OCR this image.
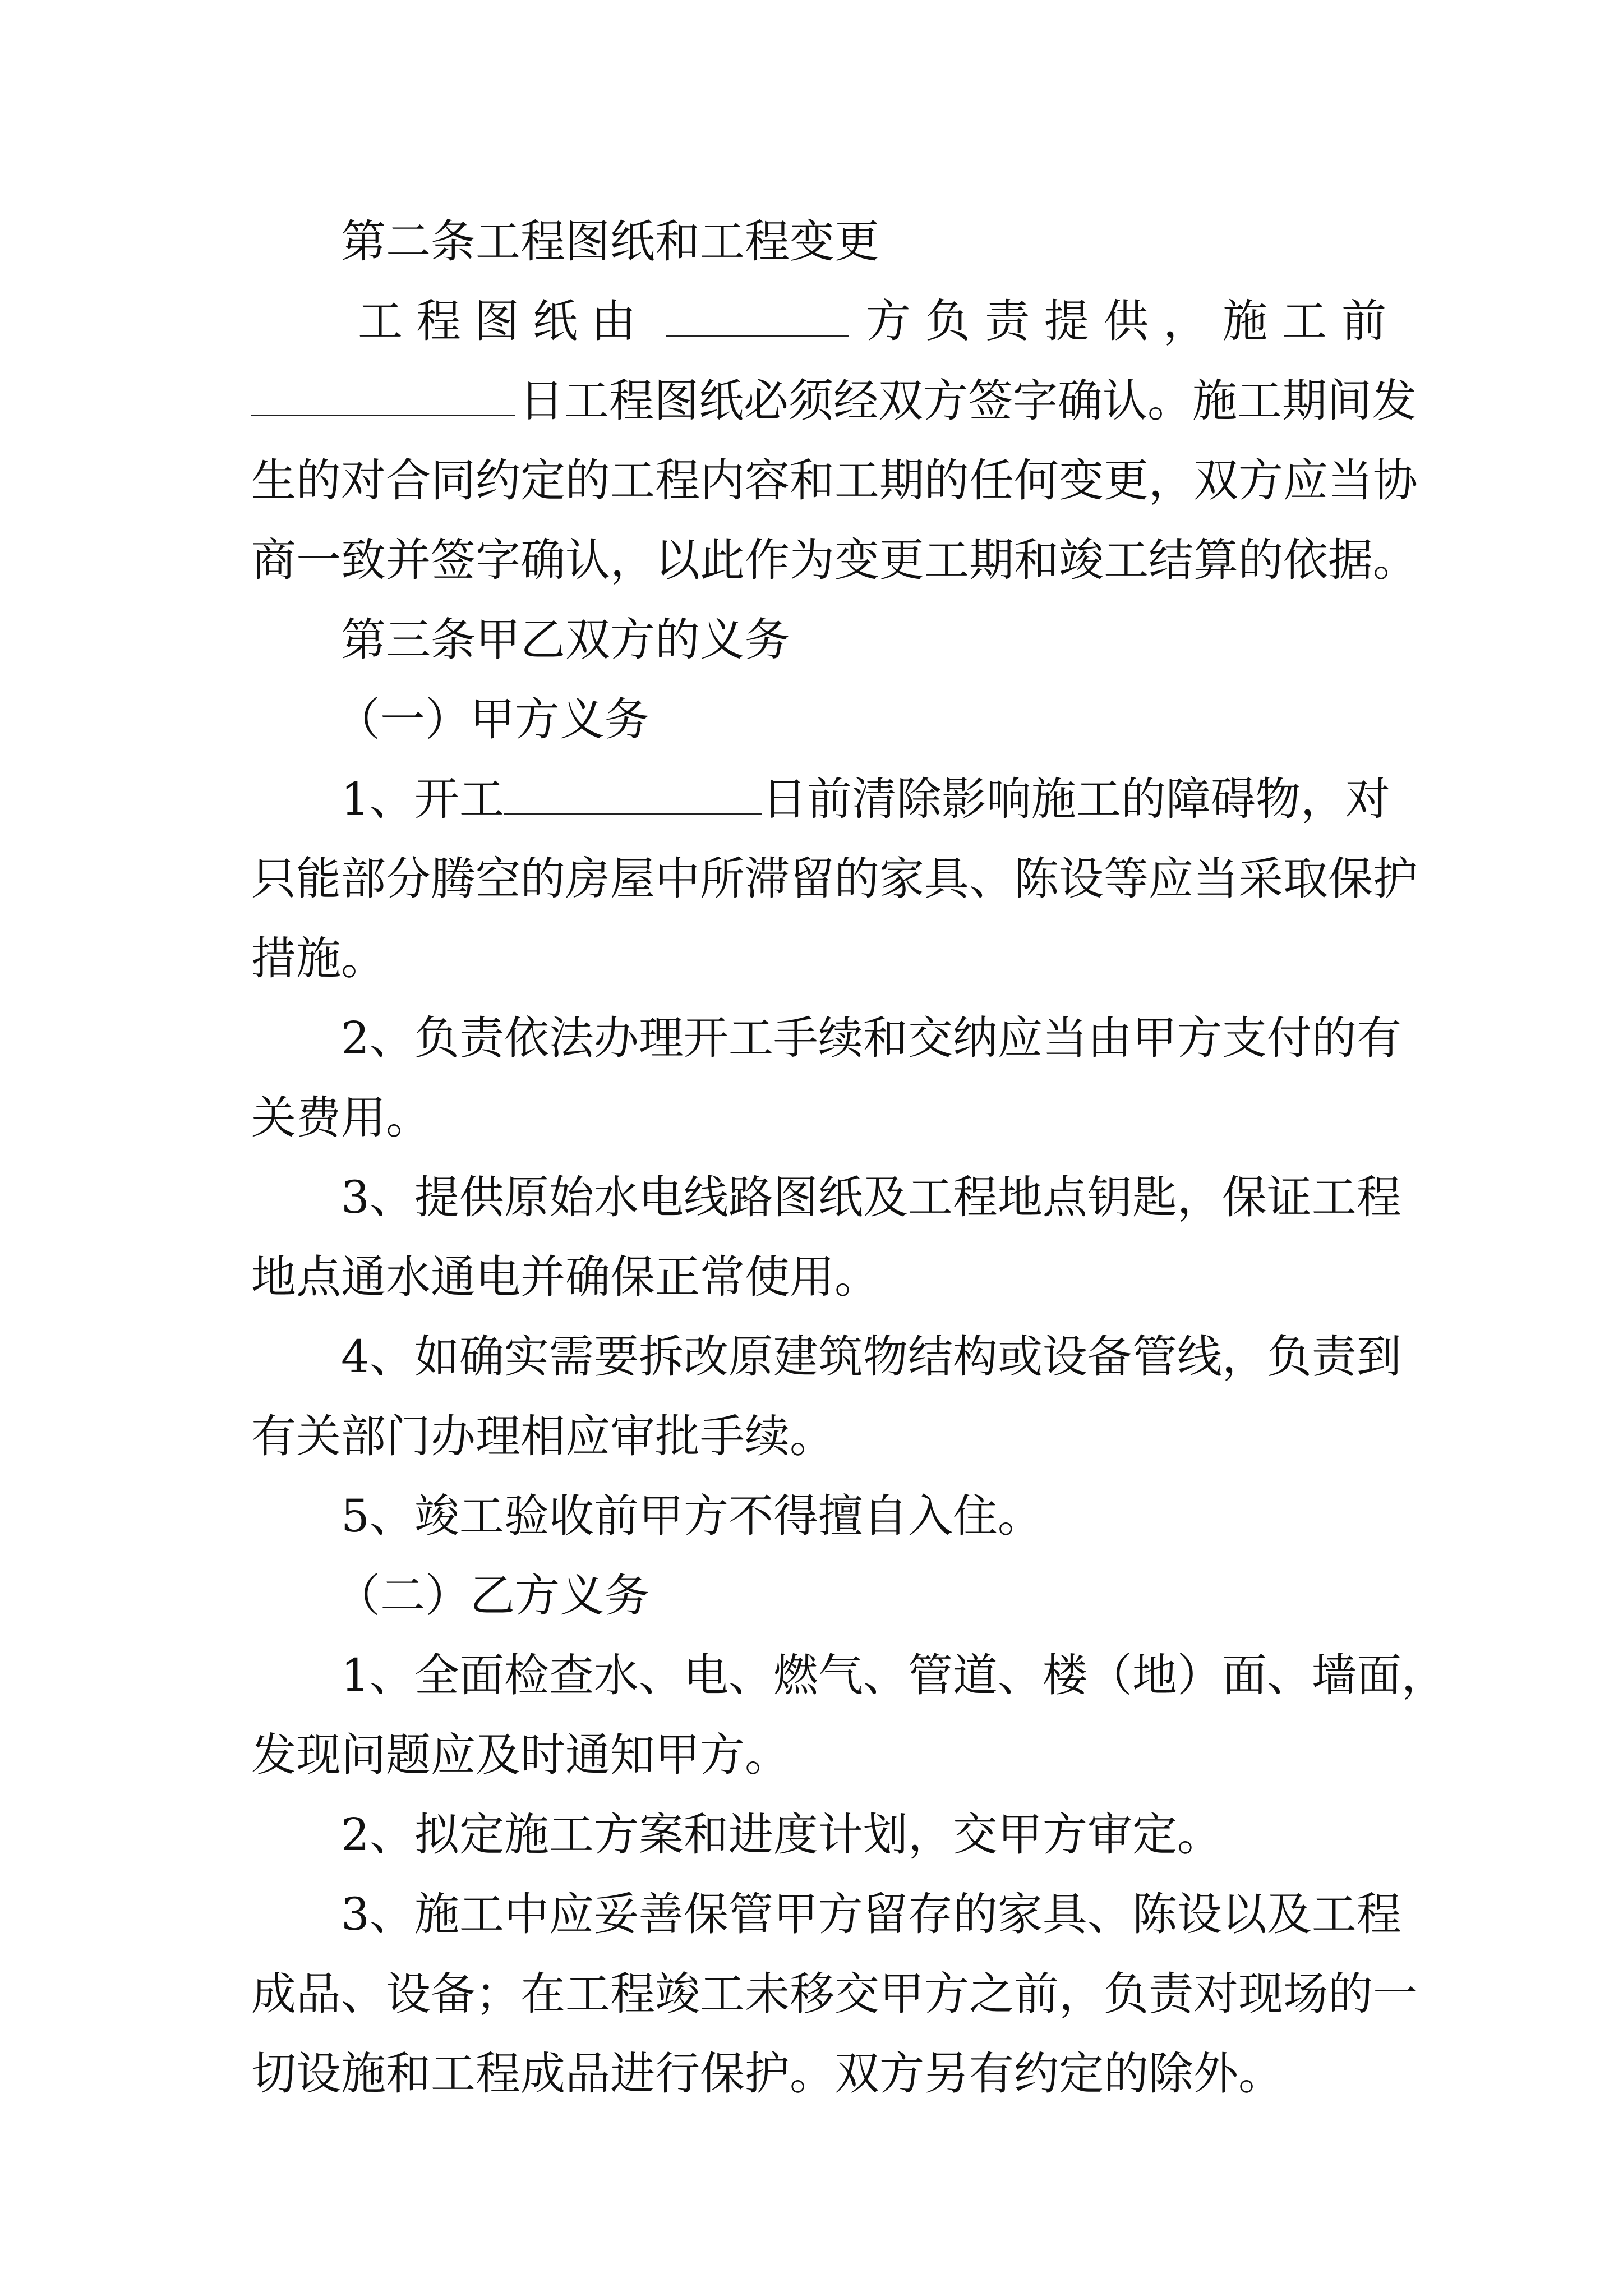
第二条工程图纸和工程变更
工程图纸由	方负责提供，施工前
日工程图纸必须经双方签字确认。施工期间发
生的对合同约定的工程内容和工期的任何变更，双方应当协
商一致并签字确认，以此作为变更工期和竣工结算的依据。
第三条甲乙双方的义务
（一）甲方义务
1、开工	日前清除影响施工的障碍物，对
只能部分腾空的房屋中所滞留的家具、陈设等应当采取保护
措施。
2、负责依法办理开工手续和交纳应当由甲方支付的有
关费用。
3、提供原始水电线路图纸及工程地点钥匙，保证工程
地点通水通电并确保正常使用。
4、如确实需要拆改原建筑物结构或设备管线，负责到
有关部门办理相应审批手续。
5、竣工验收前甲方不得擅自入住。
（二）乙方义务
1、全面检查水、电、燃气、管道、楼（地）面、墙面，
发现问题应及时通知甲方。
2、拟定施工方案和进度计划，交甲方审定。
3、施工中应妥善保管甲方留存的家具、陈设以及工程
成品、设备；在工程竣工未移交甲方之前，负责对现场的一
切设施和工程成品进行保护。双方另有约定的除外。
